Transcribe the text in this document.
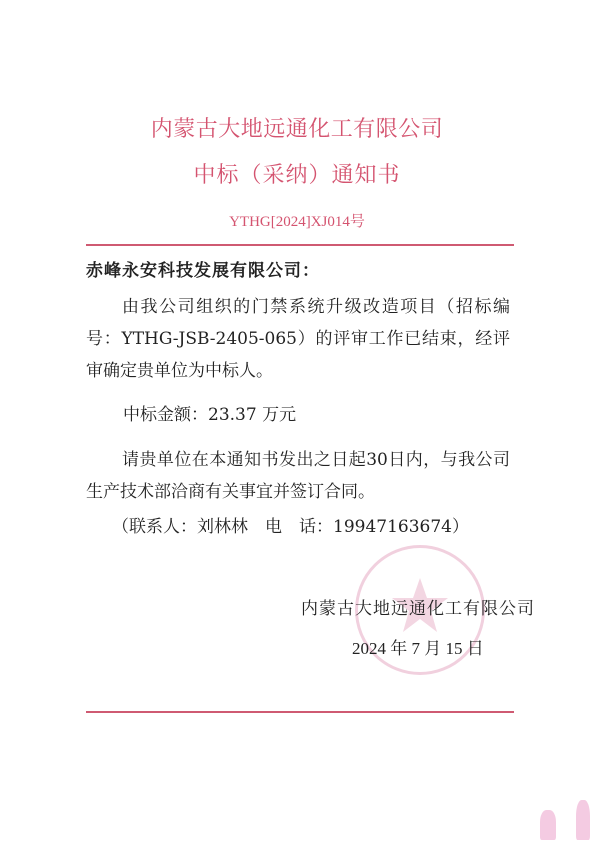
内蒙古大地远通化工有限公司
中标（采纳）通知书
YTHG[2024]XJ014号
赤峰永安科技发展有限公司：
由我公司组织的门禁系统升级改造项目（招标编号：YTHG-JSB-2405-065）的评审工作已结束，经评审确定贵单位为中标人。
中标金额：23.37 万元
请贵单位在本通知书发出之日起30日内，与我公司生产技术部洽商有关事宜并签订合同。
（联系人：刘林林　电　话：19947163674）
内蒙古大地远通化工有限公司
2024 年 7 月 15 日
